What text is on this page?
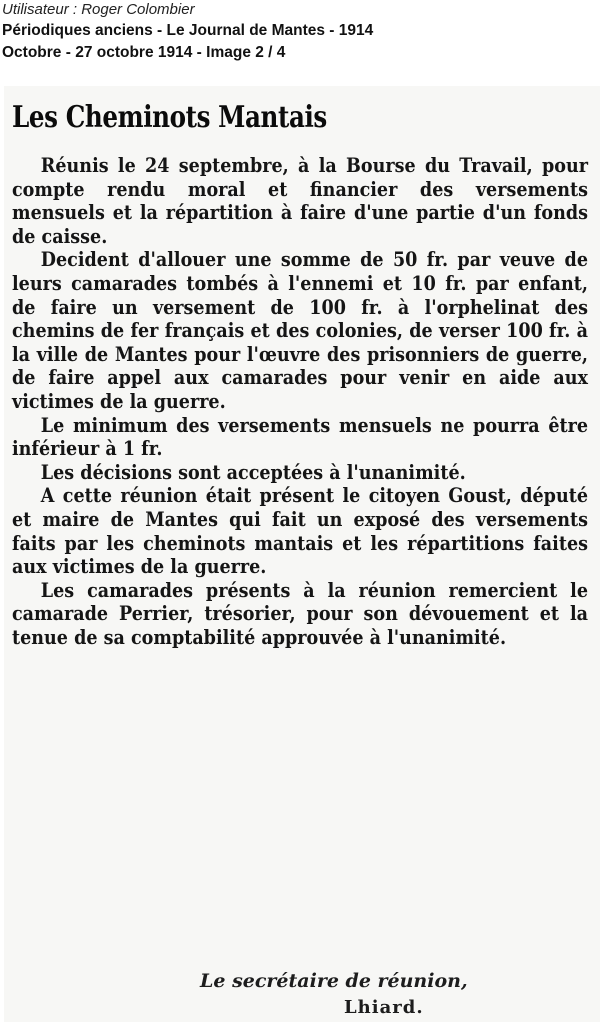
Utilisateur : Roger Colombier
Périodiques anciens - Le Journal de Mantes - 1914
Octobre - 27 octobre 1914 - Image 2 / 4
Les Cheminots Mantais

Réunis le 24 septembre, à la Bourse du Travail, pour compte rendu moral et financier des versements mensuels et la répartition à faire d'une partie d'un fonds de caisse.

Decident d'allouer une somme de 50 fr. par veuve de leurs camarades tombés à l'ennemi et 10 fr. par enfant, de faire un versement de 100 fr. à l'orphelinat des chemins de fer français et des colonies, de verser 100 fr. à la ville de Mantes pour l'œuvre des prisonniers de guerre, de faire appel aux camarades pour venir en aide aux victimes de la guerre.

Le minimum des versements mensuels ne pourra être inférieur à 1 fr.

Les décisions sont acceptées à l'unanimité.

A cette réunion était présent le citoyen Goust, député et maire de Mantes qui fait un exposé des versements faits par les cheminots mantais et les répartitions faites aux victimes de la guerre.

Les camarades présents à la réunion remercient le camarade Perrier, trésorier, pour son dévouement et la tenue de sa comptabilité approuvée à l'unanimité.

Le secrétaire de réunion,
Lhiard.
